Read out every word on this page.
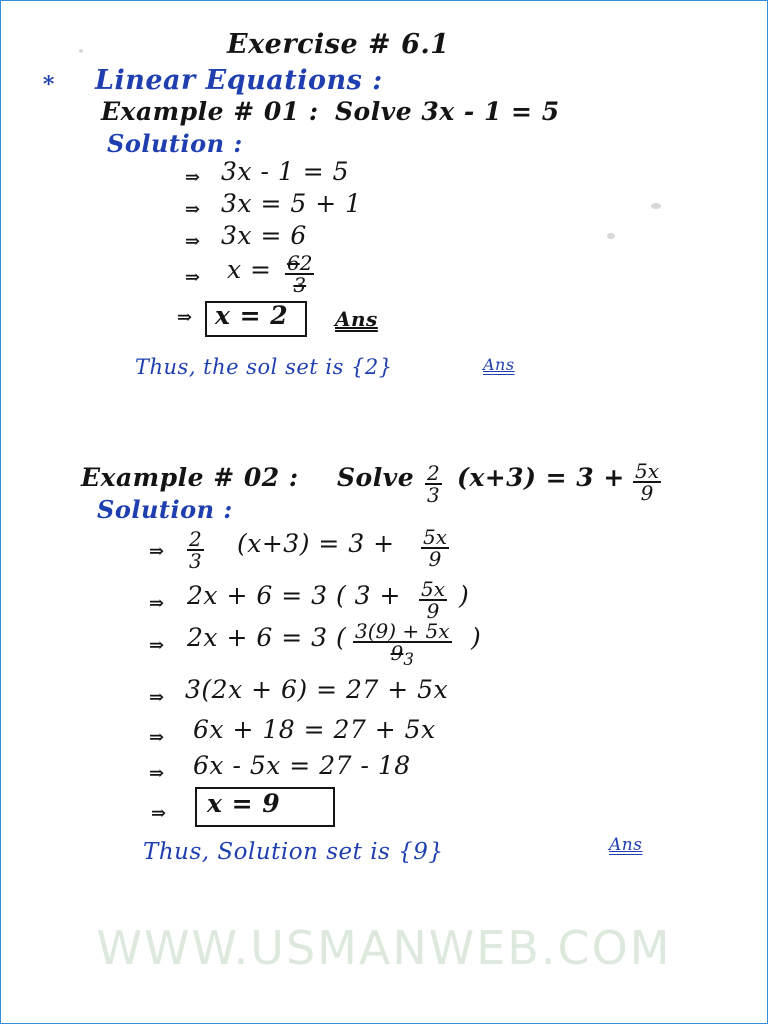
Exercise # 6.1
∗ Linear Equations :
Example # 01 : Solve 3x - 1 = 5
Solution :
⇒ 3x - 1 = 5
⇒ 3x = 5 + 1
⇒ 3x = 6
⇒ $x = \frac{62}{3}$
⇒ x = 2 Ans
Thus, the sol set is {2}	Ans
Example # 02 : Solve $\frac{2}{3} (x+3) = 3 + \frac{5x}{9}$
Solution :
⇒ $\frac{2}{3} (x+3) = 3 + \frac{5x}{9}$
⇒ 2x + 6 = 3 ( $3 + \frac{5x}{9}$ )
⇒ 2x + 6 = 3 ( $\frac{3(9) + 5x}{9_3}$ )
⇒ 3(2x + 6) = 27 + 5x
⇒ 6x + 18 = 27 + 5x
⇒ 6x - 5x = 27 - 18
⇒ x = 9
Thus, Solution set is {9}	Ans
WWW.USMANWEB.COM
